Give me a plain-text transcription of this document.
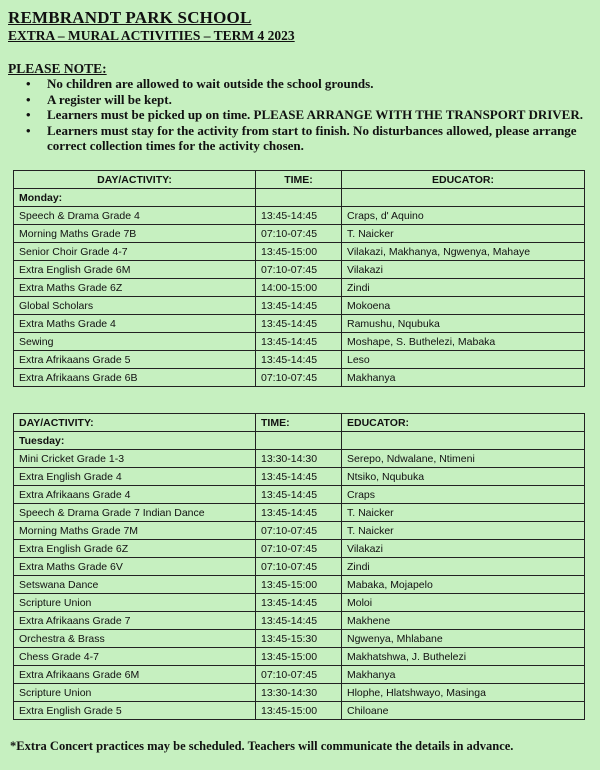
REMBRANDT PARK SCHOOL
EXTRA – MURAL ACTIVITIES – TERM 4 2023
PLEASE NOTE:
• No children are allowed to wait outside the school grounds.
• A register will be kept.
• Learners must be picked up on time. PLEASE ARRANGE WITH THE TRANSPORT DRIVER.
• Learners must stay for the activity from start to finish. No disturbances allowed, please arrange correct collection times for the activity chosen.
DAY/ACTIVITY:	TIME:	EDUCATOR:
Monday:		
Speech & Drama Grade 4	13:45-14:45	Craps, d' Aquino
Morning Maths Grade 7B	07:10-07:45	T. Naicker
Senior Choir Grade 4-7	13:45-15:00	Vilakazi, Makhanya, Ngwenya, Mahaye
Extra English Grade 6M	07:10-07:45	Vilakazi
Extra Maths Grade 6Z	14:00-15:00	Zindi
Global Scholars	13:45-14:45	Mokoena
Extra Maths Grade 4	13:45-14:45	Ramushu, Nqubuka
Sewing	13:45-14:45	Moshape, S. Buthelezi, Mabaka
Extra Afrikaans Grade 5	13:45-14:45	Leso
Extra Afrikaans Grade 6B	07:10-07:45	Makhanya
DAY/ACTIVITY:	TIME:	EDUCATOR:
Tuesday:		
Mini Cricket Grade 1-3	13:30-14:30	Serepo, Ndwalane, Ntimeni
Extra English Grade 4	13:45-14:45	Ntsiko, Nqubuka
Extra Afrikaans Grade 4	13:45-14:45	Craps
Speech & Drama Grade 7 Indian Dance	13:45-14:45	T. Naicker
Morning Maths Grade 7M	07:10-07:45	T. Naicker
Extra English Grade 6Z	07:10-07:45	Vilakazi
Extra Maths Grade 6V	07:10-07:45	Zindi
Setswana Dance	13:45-15:00	Mabaka, Mojapelo
Scripture Union	13:45-14:45	Moloi
Extra Afrikaans Grade 7	13:45-14:45	Makhene
Orchestra & Brass	13:45-15:30	Ngwenya, Mhlabane
Chess Grade 4-7	13:45-15:00	Makhatshwa, J. Buthelezi
Extra Afrikaans Grade 6M	07:10-07:45	Makhanya
Scripture Union	13:30-14:30	Hlophe, Hlatshwayo, Masinga
Extra English Grade 5	13:45-15:00	Chiloane
*Extra Concert practices may be scheduled. Teachers will communicate the details in advance.
